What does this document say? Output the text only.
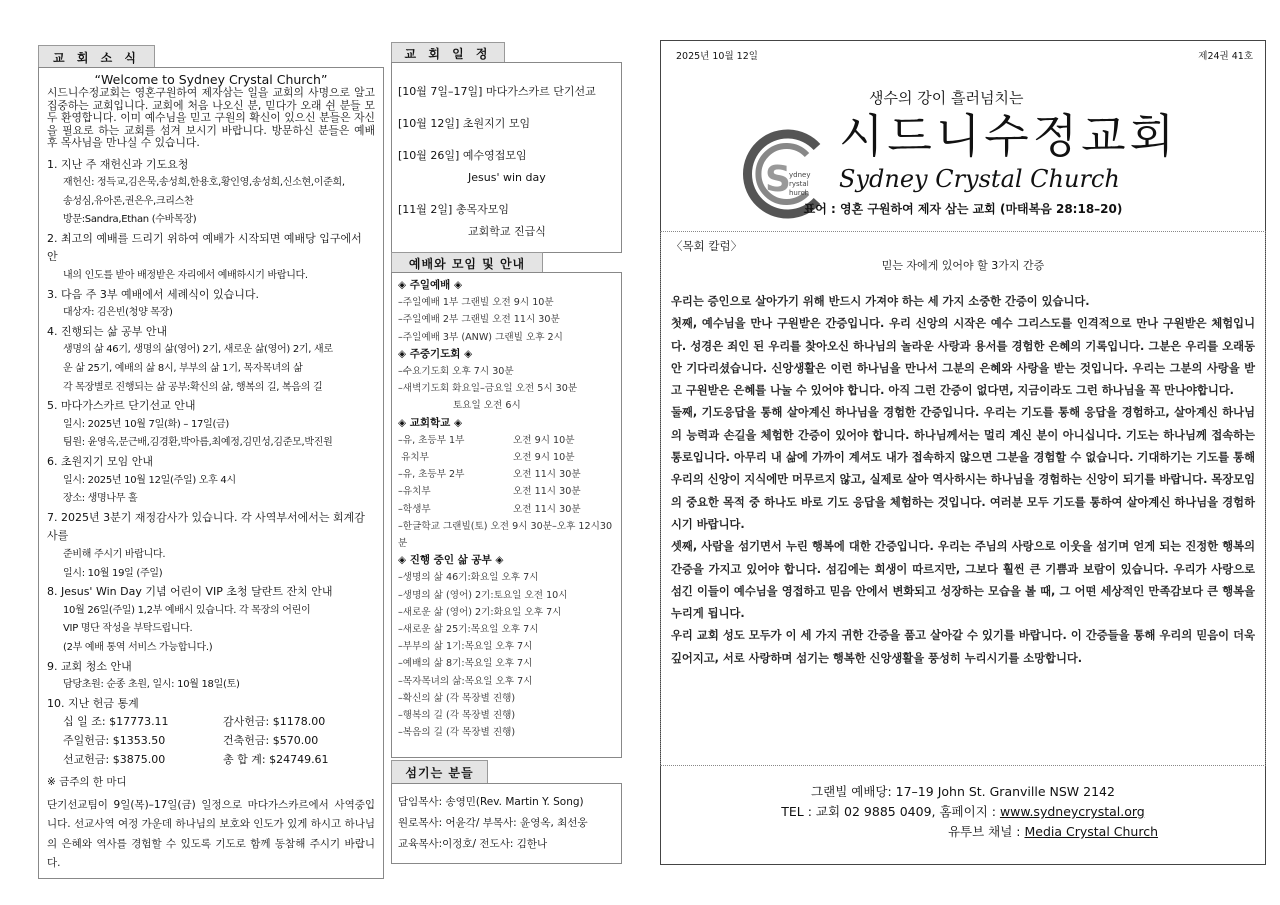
교 회 소 식
“Welcome to Sydney Crystal Church”
시드니수정교회는 영혼구원하여 제자삼는 일을 교회의 사명으로 알고 집중하는 교회입니다. 교회에 처음 나오신 분, 믿다가 오래 쉰 분들 모두 환영합니다. 이미 예수님을 믿고 구원의 확신이 있으신 분들은 자신을 필요로 하는 교회를 섬겨 보시기 바랍니다. 방문하신 분들은 예배 후 목사님을 만나실 수 있습니다.
1. 지난 주 재헌신과 기도요청
재헌신: 정득교,김은묵,송성희,한용호,황인영,송성희,신소현,이준희,
송성심,유아론,권은우,크리스찬
방문:Sandra,Ethan (수바목장)
2. 최고의 예배를 드리기 위하여 예배가 시작되면 예배당 입구에서 안
내의 인도를 받아 배정받은 자리에서 예배하시기 바랍니다.
3. 다음 주 3부 예배에서 세례식이 있습니다.
대상자: 김은빈(청양 목장)
4. 진행되는 삶 공부 안내
생명의 삶 46기, 생명의 삶(영어) 2기, 새로운 삶(영어) 2기, 새로
운 삶 25기, 예배의 삶 8시, 부부의 삶 1기, 목자목녀의 삶
각 목장별로 진행되는 삶 공부:확신의 삶, 행복의 길, 복음의 길
5. 마다가스카르 단기선교 안내
일시: 2025년 10월 7일(화) – 17일(금)
팀원: 윤영옥,문근배,김경환,박아름,최예정,김민성,김준모,박진원
6. 초원지기 모임 안내
일시: 2025년 10월 12일(주일) 오후 4시
장소: 생명나무 홀
7. 2025년 3분기 재정감사가 있습니다. 각 사역부서에서는 회계감사를
준비해 주시기 바랍니다.
일시: 10월 19일 (주일)
8. Jesus' Win Day 기념 어린이 VIP 초청 달란트 잔치 안내
10월 26일(주일) 1,2부 예배시 있습니다. 각 목장의 어린이
VIP 명단 작성을 부탁드립니다.
(2부 예배 통역 서비스 가능합니다.)
9. 교회 청소 안내
담당초원: 순종 초원, 일시: 10월 18일(토)
10. 지난 헌금 통계
십 일 조: $17773.11	감사헌금: $1178.00
주일헌금: $1353.50	건축헌금: $570.00
선교헌금: $3875.00	총 합 계: $24749.61
※ 금주의 한 마디
단기선교팀이 9일(목)–17일(금) 일정으로 마다가스카르에서 사역중입니다. 선교사역 여정 가운데 하나님의 보호와 인도가 있게 하시고 하나님의 은혜와 역사를 경험할 수 있도록 기도로 함께 동참해 주시기 바랍니다.
교 회 일 정
[10월 7일–17일] 마다가스카르 단기선교
[10월 12일] 초원지기 모임
[10월 26일] 예수영접모임
Jesus' win day
[11월 2일] 총목자모임
교회학교 진급식
예배와 모임 및 안내
◈ 주일예배 ◈
–주일예배 1부 그랜빌 오전 9시 10분
–주일예배 2부 그랜빌 오전 11시 30분
–주일예배 3부 (ANW) 그랜빌 오후 2시
◈ 주중기도회 ◈
–수요기도회 오후 7시 30분
–새벽기도회 화요일–금요일 오전 5시 30분
토요일 오전 6시
◈ 교회학교 ◈
–유, 초등부 1부	오전 9시 10분
유치부	오전 9시 10분
–유, 초등부 2부	오전 11시 30분
–유치부	오전 11시 30분
–학생부	오전 11시 30분
–한글학교 그랜빌(토) 오전 9시 30분–오후 12시30분
◈ 진행 중인 삶 공부 ◈
–생명의 삶 46기:화요일 오후 7시
–생명의 삶 (영어) 2기:토요일 오전 10시
–새로운 삶 (영어) 2기:화요일 오후 7시
–새로운 삶 25기:목요일 오후 7시
–부부의 삶 1기:목요일 오후 7시
–예배의 삶 8기:목요일 오후 7시
–목자목녀의 삶:목요일 오후 7시
–확신의 삶 (각 목장별 진행)
–행복의 길 (각 목장별 진행)
–복음의 길 (각 목장별 진행)
섬기는 분들
담임목사: 송영민(Rev. Martin Y. Song)
원로목사: 어윤각/ 부목사: 윤영옥, 최선웅
교육목사:이정호/ 전도사: 김한나
2025년 10월 12일	제24권 41호
S
ydney
rystal
hurch
생수의 강이 흘러넘치는
시드니수정교회
Sydney Crystal Church
표어 : 영혼 구원하여 제자 삼는 교회 (마태복음 28:18–20)
〈목회 칼럼〉
믿는 자에게 있어야 할 3가지 간증

우리는 증인으로 살아가기 위해 반드시 가져야 하는 세 가지 소중한 간증이 있습니다.

첫째, 예수님을 만나 구원받은 간증입니다. 우리 신앙의 시작은 예수 그리스도를 인격적으로 만나 구원받은 체험입니다. 성경은 죄인 된 우리를 찾아오신 하나님의 놀라운 사랑과 용서를 경험한 은혜의 기록입니다. 그분은 우리를 오래동안 기다리셨습니다. 신앙생활은 이런 하나님을 만나서 그분의 은혜와 사랑을 받는 것입니다. 우리는 그분의 사랑을 받고 구원받은 은혜를 나눌 수 있어야 합니다. 아직 그런 간증이 없다면, 지금이라도 그런 하나님을 꼭 만나야합니다.

둘째, 기도응답을 통해 살아계신 하나님을 경험한 간증입니다. 우리는 기도를 통해 응답을 경험하고, 살아계신 하나님의 능력과 손길을 체험한 간증이 있어야 합니다. 하나님께서는 멀리 계신 분이 아니십니다. 기도는 하나님께 접속하는 통로입니다. 아무리 내 삶에 가까이 계셔도 내가 접속하지 않으면 그분을 경험할 수 없습니다. 기대하기는 기도를 통해 우리의 신앙이 지식에만 머무르지 않고, 실제로 살아 역사하시는 하나님을 경험하는 신앙이 되기를 바랍니다. 목장모임의 중요한 목적 중 하나도 바로 기도 응답을 체험하는 것입니다. 여러분 모두 기도를 통하여 살아계신 하나님을 경험하시기 바랍니다.

셋째, 사람을 섬기면서 누린 행복에 대한 간증입니다. 우리는 주님의 사랑으로 이웃을 섬기며 얻게 되는 진정한 행복의 간증을 가지고 있어야 합니다. 섬김에는 희생이 따르지만, 그보다 훨씬 큰 기쁨과 보람이 있습니다. 우리가 사랑으로 섬긴 이들이 예수님을 영접하고 믿음 안에서 변화되고 성장하는 모습을 볼 때, 그 어떤 세상적인 만족감보다 큰 행복을 누리게 됩니다.

우리 교회 성도 모두가 이 세 가지 귀한 간증을 품고 살아갈 수 있기를 바랍니다. 이 간증들을 통해 우리의 믿음이 더욱 깊어지고, 서로 사랑하며 섬기는 행복한 신앙생활을 풍성히 누리시기를 소망합니다.

그랜빌 예배당: 17–19 John St. Granville NSW 2142
TEL : 교회 02 9885 0409, 홈페이지 : www.sydneycrystal.org
유투브 채널 : Media Crystal Church
